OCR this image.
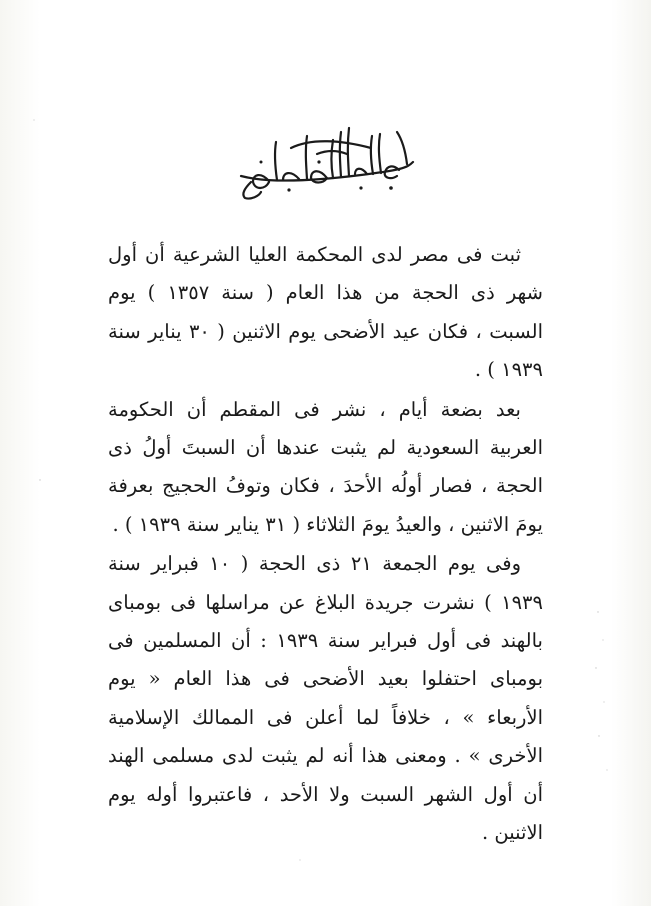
ثبت فى مصر لدى المحكمة العليا الشرعية أن أول شهر ذى الحجة من هذا العام ( سنة ١٣٥٧ ) يوم السبت ، فكان عيد الأضحى يوم الاثنين ( ٣٠ يناير سنة ١٩٣٩ ) .

بعد بضعة أيام ، نشر فى المقطم أن الحكومة العربية السعودية لم يثبت عندها أن السبتَ أولُ ذى الحجة ، فصار أولُه الأحدَ ، فكان وتوفُ الحجيج بعرفة يومَ الاثنين ، والعيدُ يومَ الثلاثاء ( ٣١ يناير سنة ١٩٣٩ ) .

وفى يوم الجمعة ٢١ ذى الحجة ( ١٠ فبراير سنة ١٩٣٩ ) نشرت جريدة البلاغ عن مراسلها فى بومباى بالهند فى أول فبراير سنة ١٩٣٩ : أن المسلمين فى بومباى احتفلوا بعيد الأضحى فى هذا العام « يوم الأربعاء » ، خلافاً لما أعلن فى الممالك الإسلامية الأخرى » . ومعنى هذا أنه لم يثبت لدى مسلمى الهند أن أول الشهر السبت ولا الأحد ، فاعتبروا أوله يوم الاثنين .
